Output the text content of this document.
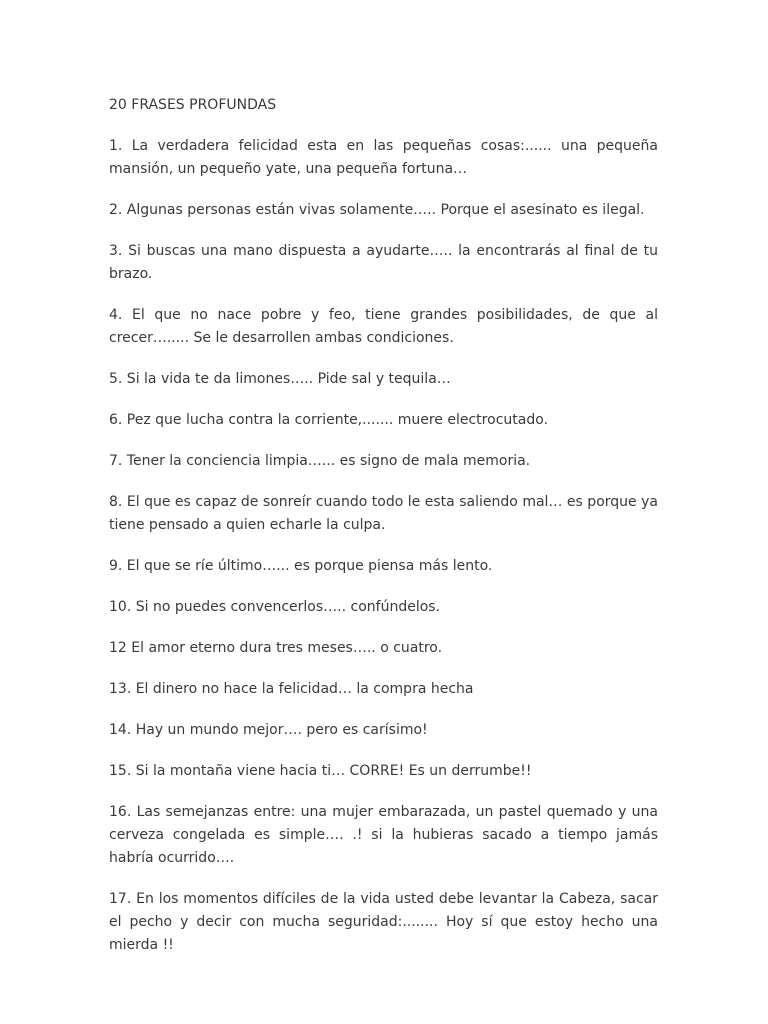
20 FRASES PROFUNDAS
1. La verdadera felicidad esta en las pequeñas cosas:...... una pequeña mansión, un pequeño yate, una pequeña fortuna…
2. Algunas personas están vivas solamente….. Porque el asesinato es ilegal.
3. Si buscas una mano dispuesta a ayudarte….. la encontrarás al final de tu brazo.
4. El que no nace pobre y feo, tiene grandes posibilidades, de que al crecer…..... Se le desarrollen ambas condiciones.
5. Si la vida te da limones….. Pide sal y tequila…
6. Pez que lucha contra la corriente,....... muere electrocutado.
7. Tener la conciencia limpia…... es signo de mala memoria.
8. El que es capaz de sonreír cuando todo le esta saliendo mal… es porque ya tiene pensado a quien echarle la culpa.
9. El que se ríe último…... es porque piensa más lento.
10. Si no puedes convencerlos….. confúndelos.
12 El amor eterno dura tres meses….. o cuatro.
13. El dinero no hace la felicidad… la compra hecha
14. Hay un mundo mejor…. pero es carísimo!
15. Si la montaña viene hacia ti… CORRE! Es un derrumbe!!
16. Las semejanzas entre: una mujer embarazada, un pastel quemado y una cerveza congelada es simple…. .! si la hubieras sacado a tiempo jamás habría ocurrido….
17. En los momentos difíciles de la vida usted debe levantar la Cabeza, sacar el pecho y decir con mucha seguridad:........ Hoy sí que estoy hecho una mierda !!
